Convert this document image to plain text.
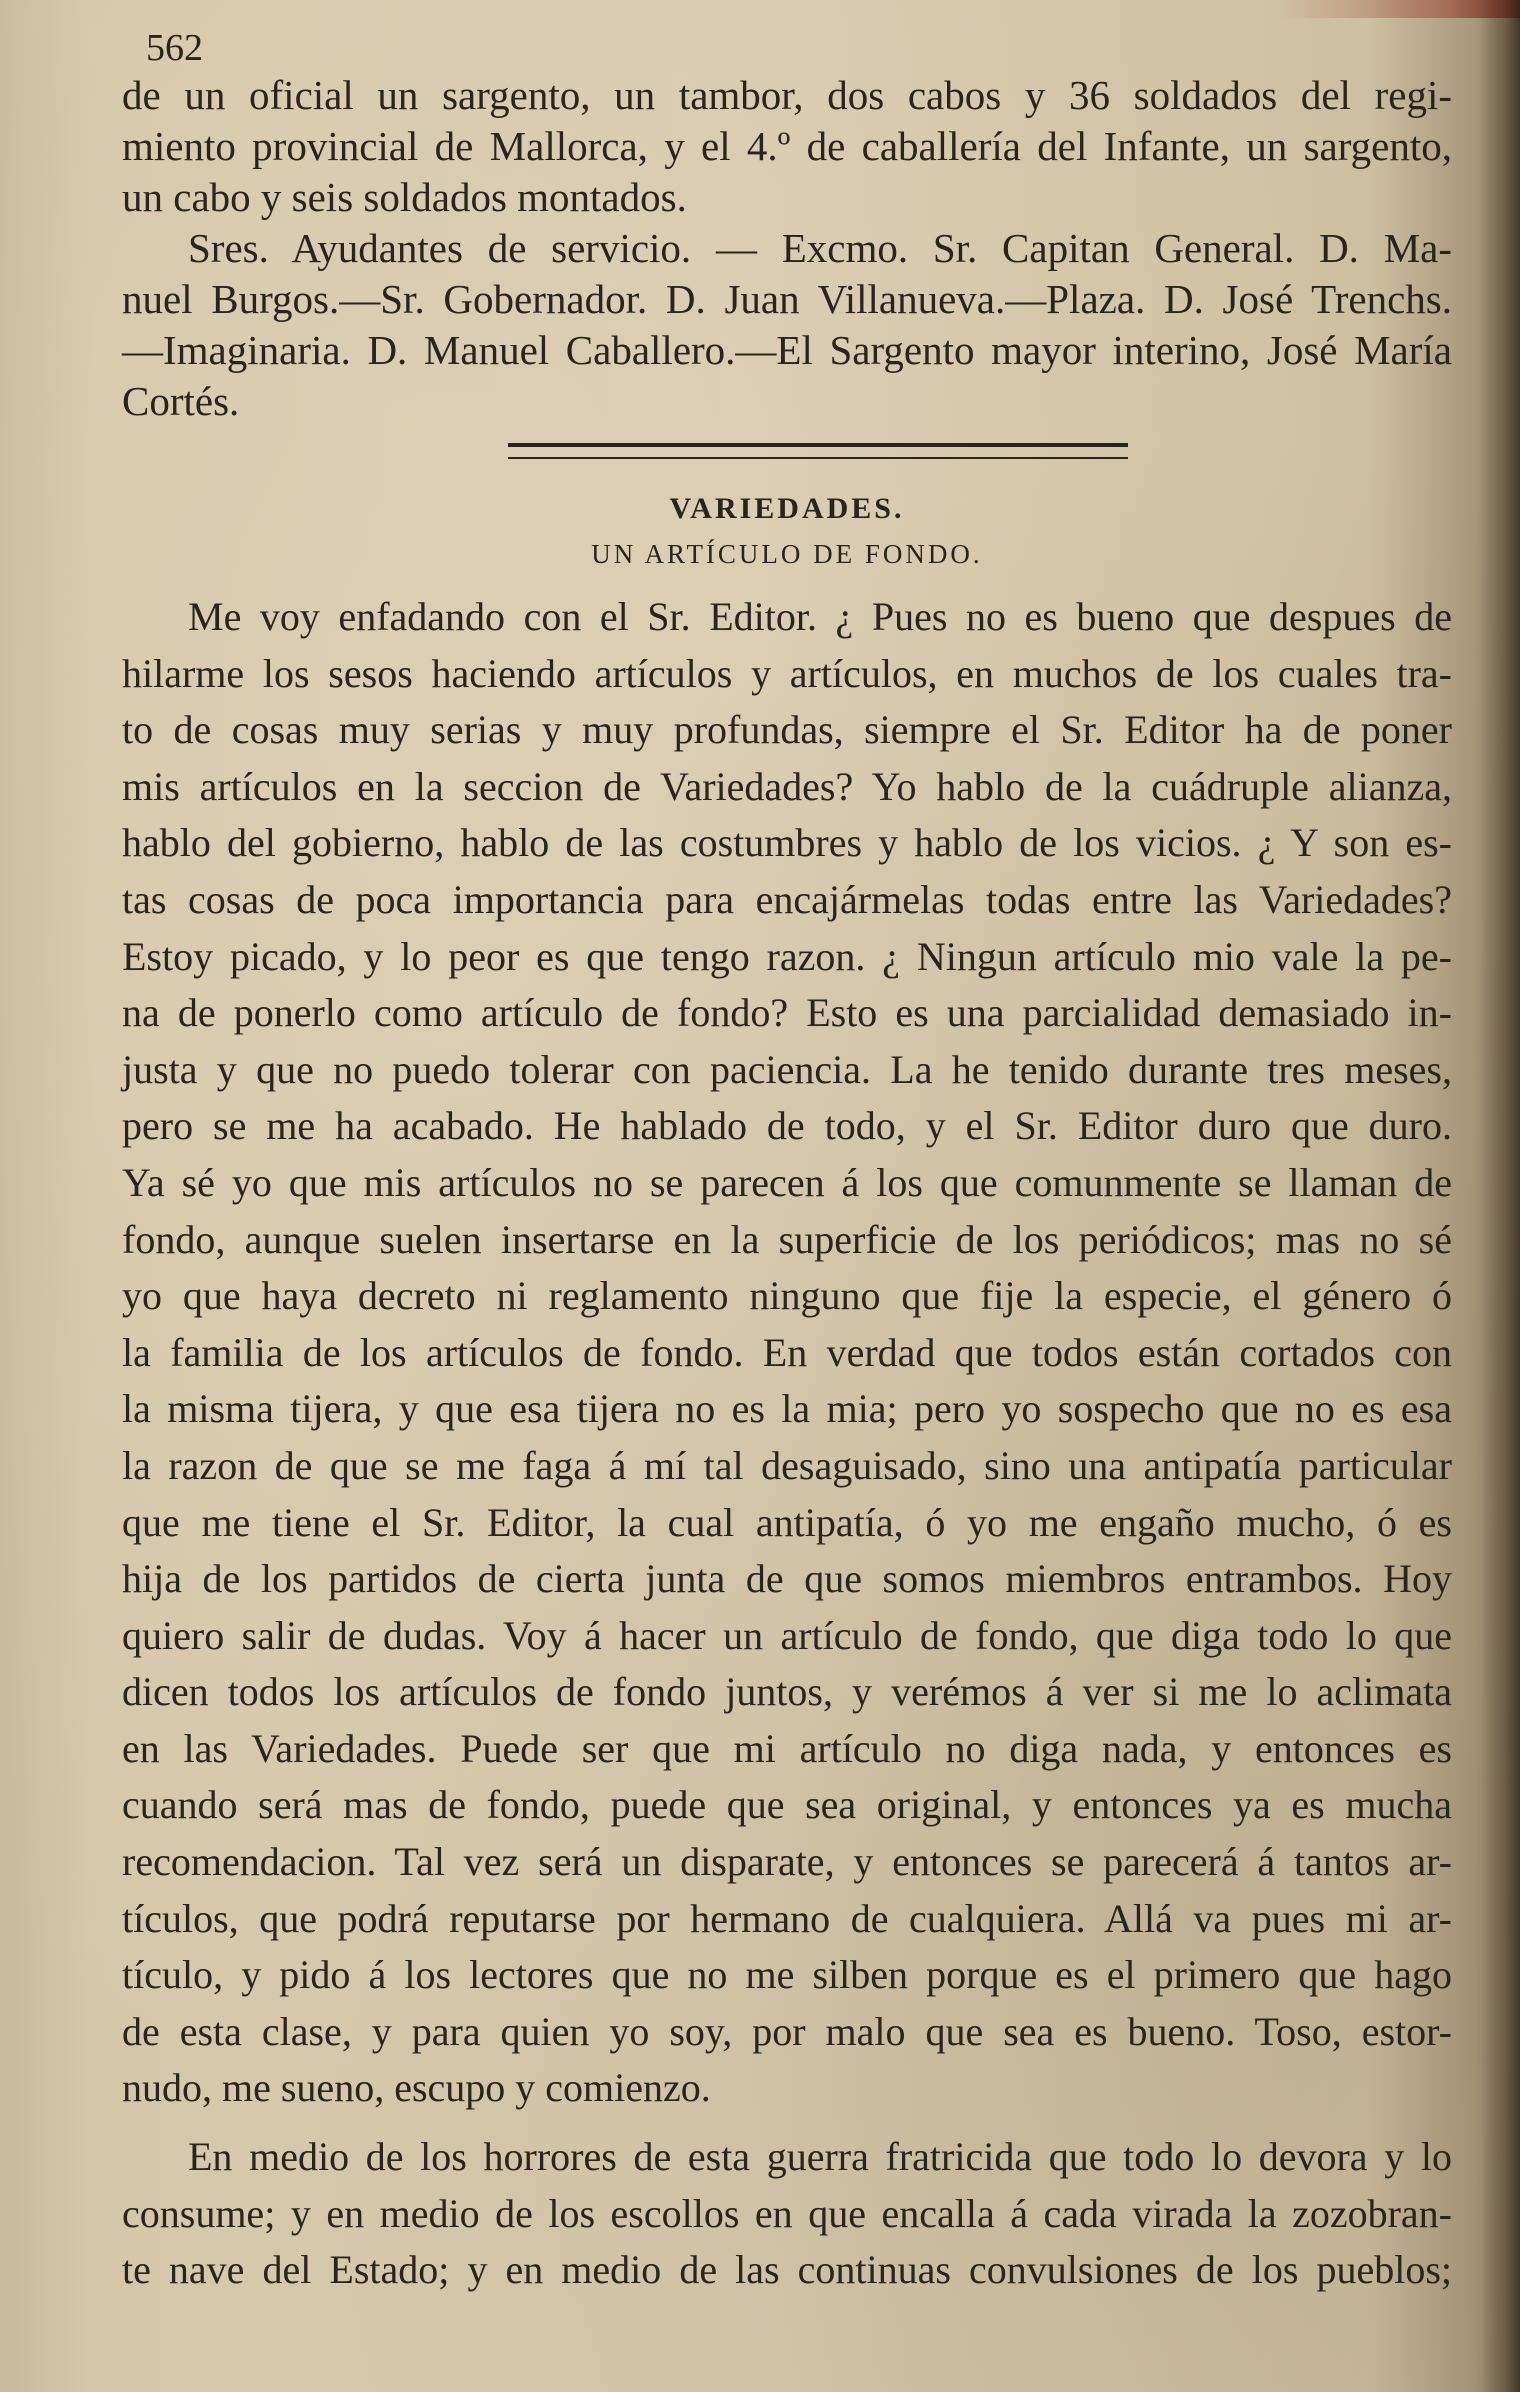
562
de un oficial un sargento, un tambor, dos cabos y 36 soldados del regi-
miento provincial de Mallorca, y el 4.º de caballería del Infante, un sargento,
un cabo y seis soldados montados.
Sres. Ayudantes de servicio. — Excmo. Sr. Capitan General. D. Ma-
nuel Burgos.—Sr. Gobernador. D. Juan Villanueva.—Plaza. D. José Trenchs.
—Imaginaria. D. Manuel Caballero.—El Sargento mayor interino, José María
Cortés.
VARIEDADES.
UN ARTÍCULO DE FONDO.
Me voy enfadando con el Sr. Editor. ¿ Pues no es bueno que despues de
hilarme los sesos haciendo artículos y artículos, en muchos de los cuales tra-
to de cosas muy serias y muy profundas, siempre el Sr. Editor ha de poner
mis artículos en la seccion de Variedades? Yo hablo de la cuádruple alianza,
hablo del gobierno, hablo de las costumbres y hablo de los vicios. ¿ Y son es-
tas cosas de poca importancia para encajármelas todas entre las Variedades?
Estoy picado, y lo peor es que tengo razon. ¿ Ningun artículo mio vale la pe-
na de ponerlo como artículo de fondo? Esto es una parcialidad demasiado in-
justa y que no puedo tolerar con paciencia. La he tenido durante tres meses,
pero se me ha acabado. He hablado de todo, y el Sr. Editor duro que duro.
Ya sé yo que mis artículos no se parecen á los que comunmente se llaman de
fondo, aunque suelen insertarse en la superficie de los periódicos; mas no sé
yo que haya decreto ni reglamento ninguno que fije la especie, el género ó
la familia de los artículos de fondo. En verdad que todos están cortados con
la misma tijera, y que esa tijera no es la mia; pero yo sospecho que no es esa
la razon de que se me faga á mí tal desaguisado, sino una antipatía particular
que me tiene el Sr. Editor, la cual antipatía, ó yo me engaño mucho, ó es
hija de los partidos de cierta junta de que somos miembros entrambos. Hoy
quiero salir de dudas. Voy á hacer un artículo de fondo, que diga todo lo que
dicen todos los artículos de fondo juntos, y verémos á ver si me lo aclimata
en las Variedades. Puede ser que mi artículo no diga nada, y entonces es
cuando será mas de fondo, puede que sea original, y entonces ya es mucha
recomendacion. Tal vez será un disparate, y entonces se parecerá á tantos ar-
tículos, que podrá reputarse por hermano de cualquiera. Allá va pues mi ar-
tículo, y pido á los lectores que no me silben porque es el primero que hago
de esta clase, y para quien yo soy, por malo que sea es bueno. Toso, estor-
nudo, me sueno, escupo y comienzo.
En medio de los horrores de esta guerra fratricida que todo lo devora y lo
consume; y en medio de los escollos en que encalla á cada virada la zozobran-
te nave del Estado; y en medio de las continuas convulsiones de los pueblos;
